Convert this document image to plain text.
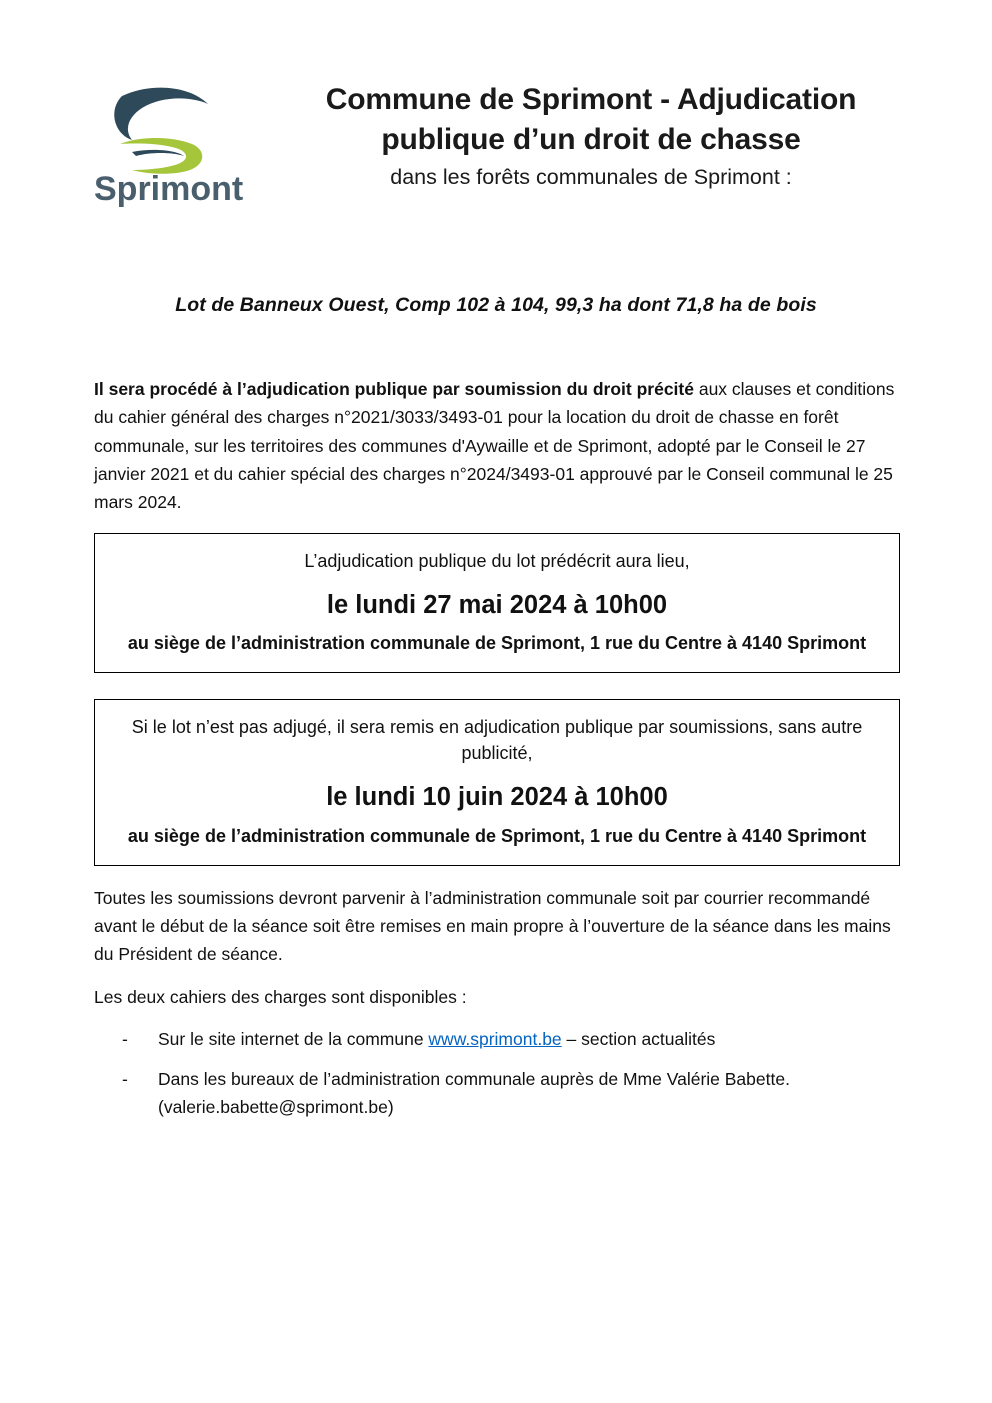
Sprimont
Commune de Sprimont - Adjudication
publique d’un droit de chasse
dans les forêts communales de Sprimont :
Lot de Banneux Ouest, Comp 102 à 104, 99,3 ha dont 71,8 ha de bois

Il sera procédé à l’adjudication publique par soumission du droit précité aux clauses et conditions du cahier général des charges n°2021/3033/3493-01 pour la location du droit de chasse en forêt communale, sur les territoires des communes d'Aywaille et de Sprimont, adopté par le Conseil le 27 janvier 2021 et du cahier spécial des charges n°2024/3493-01 approuvé par le Conseil communal le 25 mars 2024.

L’adjudication publique du lot prédécrit aura lieu,
le lundi 27 mai 2024 à 10h00
au siège de l’administration communale de Sprimont, 1 rue du Centre à 4140 Sprimont
Si le lot n’est pas adjugé, il sera remis en adjudication publique par soumissions, sans autre publicité,
le lundi 10 juin 2024 à 10h00
au siège de l’administration communale de Sprimont, 1 rue du Centre à 4140 Sprimont

Toutes les soumissions devront parvenir à l’administration communale soit par courrier recommandé avant le début de la séance soit être remises en main propre à l’ouverture de la séance dans les mains du Président de séance.

Les deux cahiers des charges sont disponibles :

- Sur le site internet de la commune www.sprimont.be – section actualités
- Dans les bureaux de l’administration communale auprès de Mme Valérie Babette. (valerie.babette@sprimont.be)
